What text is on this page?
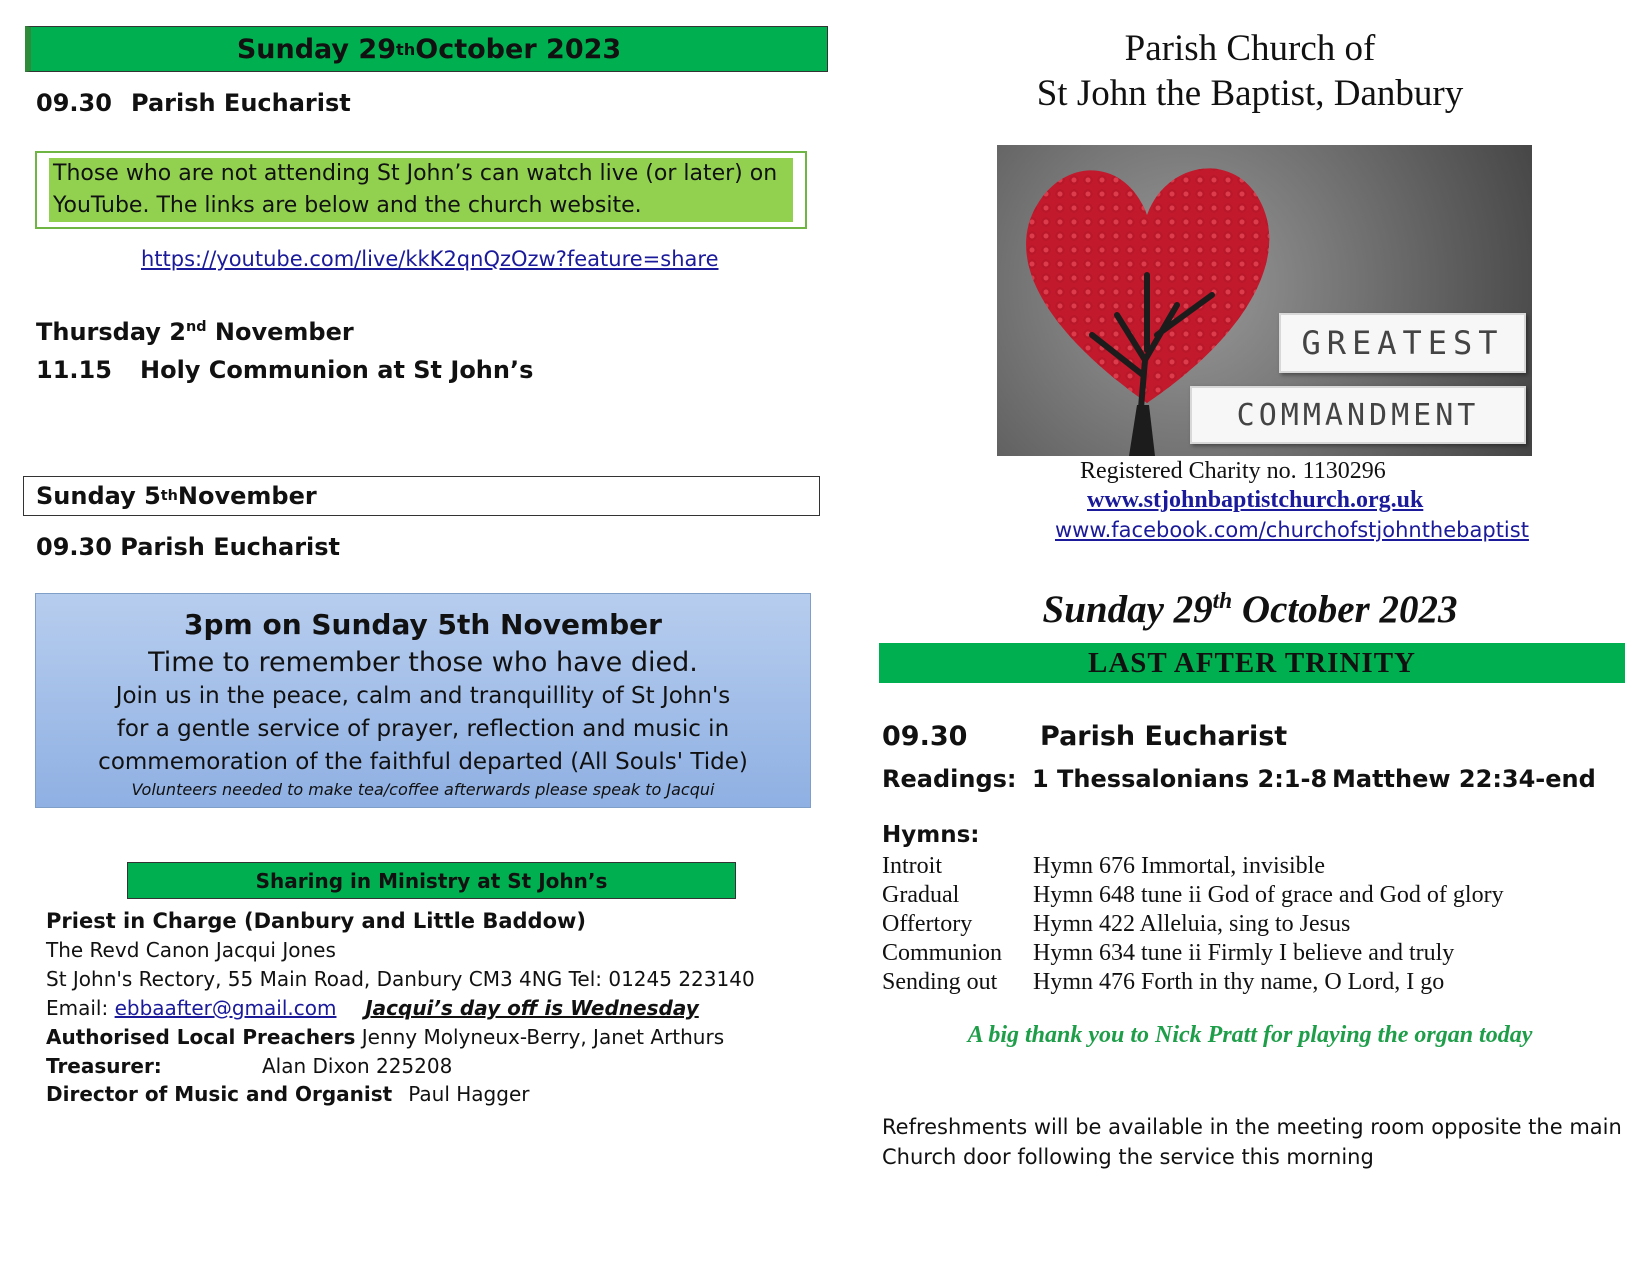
Sunday 29 th October 2023
09.30 Parish Eucharist
Those who are not attending St John’s can watch live (or later) on YouTube. The links are below and the church website.
https://youtube.com/live/kkK2qnQzOzw?feature=share
Thursday 2nd November
11.15 Holy Communion at St John’s
Sunday 5 th November
09.30 Parish Eucharist
3pm on Sunday 5th November
Time to remember those who have died.
Join us in the peace, calm and tranquillity of St John's
for a gentle service of prayer, reflection and music in
commemoration of the faithful departed (All Souls' Tide)
Volunteers needed to make tea/coffee afterwards please speak to Jacqui
Sharing in Ministry at St John’s
Priest in Charge (Danbury and Little Baddow)
The Revd Canon Jacqui Jones
St John's Rectory, 55 Main Road, Danbury CM3 4NG Tel: 01245 223140
Email: ebbaafter@gmail.com Jacqui’s day off is Wednesday
Authorised Local Preachers Jenny Molyneux-Berry, Janet Arthurs
Treasurer:	Alan Dixon 225208
Director of Music and Organist Paul Hagger
Parish Church of
St John the Baptist, Danbury
GREATEST
COMMANDMENT
Registered Charity no. 1130296
www.stjohnbaptistchurch.org.uk
www.facebook.com/churchofstjohnthebaptist
Sunday 29th October 2023
LAST AFTER TRINITY
09.30	Parish Eucharist
Readings: 1 Thessalonians 2:1-8 Matthew 22:34-end
Hymns:
Introit	Hymn 676 Immortal, invisible
Gradual	Hymn 648 tune ii God of grace and God of glory
Offertory	Hymn 422 Alleluia, sing to Jesus
Communion Hymn 634 tune ii Firmly I believe and truly
Sending out Hymn 476 Forth in thy name, O Lord, I go
A big thank you to Nick Pratt for playing the organ today
Refreshments will be available in the meeting room opposite the main
Church door following the service this morning
